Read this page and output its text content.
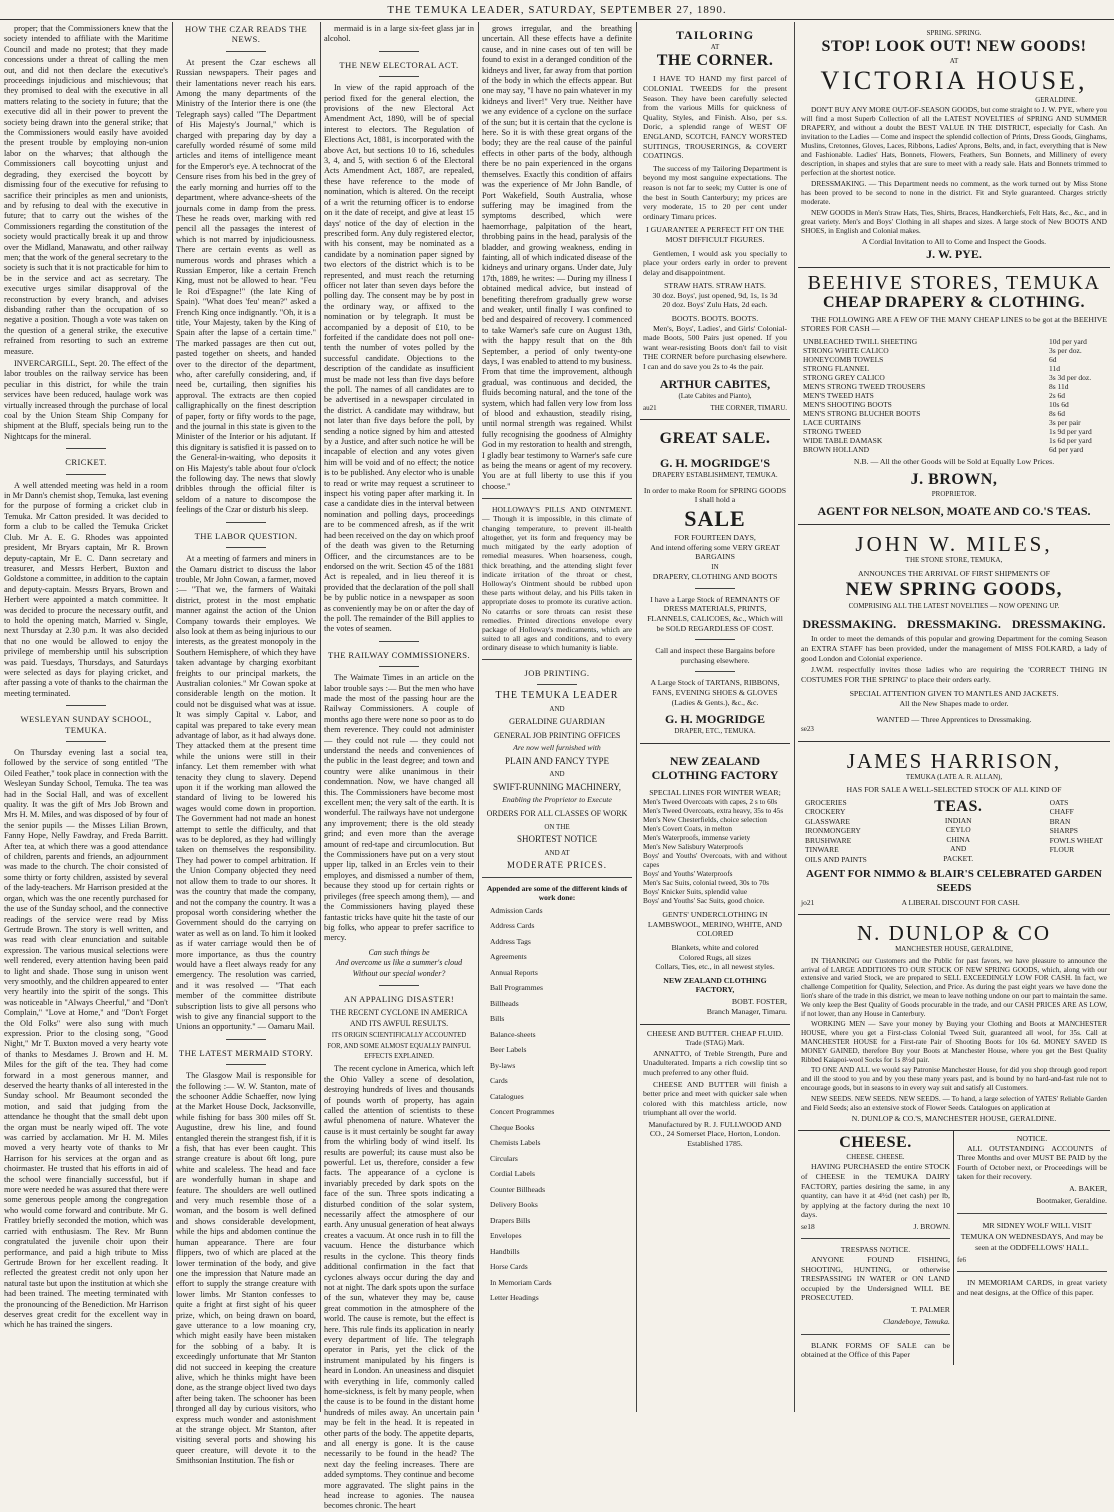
THE TEMUKA LEADER, SATURDAY, SEPTEMBER 27, 1890.

proper; that the Commissioners knew that the society intended to affiliate with the Maritime Council and made no protest; that they made concessions under a threat of calling the men out, and did not then declare the executive's proceedings injudicious and mischievous; that they promised to deal with the executive in all matters relating to the society in future; that the executive did all in their power to prevent the society being drawn into the general strike; that the Commissioners would easily have avoided the present trouble by employing non-union labor on the wharves; that although the Commissioners call boycotting unjust and degrading, they exercised the boycott by dismissing four of the executive for refusing to sacrifice their principles as men and unionists, and by refusing to deal with the executive in future; that to carry out the wishes of the Commissioners regarding the constitution of the society would practically break it up and throw over the Midland, Manawatu, and other railway men; that the work of the general secretary to the society is such that it is not practicable for him to be in the service and act as secretary. The executive urges similar disapproval of the reconstruction by every branch, and advises disbanding rather than the occupation of so negative a position. Though a vote was taken on the question of a general strike, the executive refrained from resorting to such an extreme measure.

INVERCARGILL, Sept. 20. The effect of the labor troubles on the railway service has been peculiar in this district, for while the train services have been reduced, haulage work was virtually increased through the purchase of local coal by the Union Steam Ship Company for shipment at the Bluff, specials being run to the Nightcaps for the mineral.

CRICKET.

A well attended meeting was held in a room in Mr Dann's chemist shop, Temuka, last evening for the purpose of forming a cricket club in Temuka. Mr Catton presided. It was decided to form a club to be called the Temuka Cricket Club. Mr A. E. G. Rhodes was appointed president, Mr Bryars captain, Mr R. Brown deputy-captain, Mr E. C. Dann secretary and treasurer, and Messrs Herbert, Buxton and Goldstone a committee, in addition to the captain and deputy-captain. Messrs Bryars, Brown and Herbert were appointed a match committee. It was decided to procure the necessary outfit, and to hold the opening match, Married v. Single, next Thursday at 2.30 p.m. It was also decided that no one would be allowed to enjoy the privilege of membership until his subscription was paid. Tuesdays, Thursdays, and Saturdays were selected as days for playing cricket, and after passing a vote of thanks to the chairman the meeting terminated.

WESLEYAN SUNDAY SCHOOL, TEMUKA.

On Thursday evening last a social tea, followed by the service of song entitled "The Oiled Feather," took place in connection with the Wesleyan Sunday School, Temuka. The tea was had in the Social Hall, and was of excellent quality. It was the gift of Mrs Job Brown and Mrs H. M. Miles, and was disposed of by four of the senior pupils — the Misses Lilian Brown, Fanny Hope, Nelly Fawdray, and Freda Barritt. After tea, at which there was a good attendance of children, parents and friends, an adjournment was made to the church. The choir consisted of some thirty or forty children, assisted by several of the lady-teachers. Mr Harrison presided at the organ, which was the one recently purchased for the use of the Sunday school, and the connective readings of the service were read by Miss Gertrude Brown. The story is well written, and was read with clear enunciation and suitable expression. The various musical selections were well rendered, every attention having been paid to light and shade. Those sung in unison went very smoothly, and the children appeared to enter very heartily into the spirit of the songs. This was noticeable in "Always Cheerful," and "Don't Complain," "Love at Home," and "Don't Forget the Old Folks" were also sung with much expression. Prior to the closing song, "Good Night," Mr T. Buxton moved a very hearty vote of thanks to Mesdames J. Brown and H. M. Miles for the gift of the tea. They had come forward in a most generous manner, and deserved the hearty thanks of all interested in the Sunday school. Mr Beaumont seconded the motion, and said that judging from the attendance he thought that the small debt upon the organ must be nearly wiped off. The vote was carried by acclamation. Mr H. M. Miles moved a very hearty vote of thanks to Mr Harrison for his services at the organ and as choirmaster. He trusted that his efforts in aid of the school were financially successful, but if more were needed he was assured that there were some generous people among the congregation who would come forward and contribute. Mr G. Frattley briefly seconded the motion, which was carried with enthusiasm. The Rev. Mr Bunn congratulated the juvenile choir upon their performance, and paid a high tribute to Miss Gertrude Brown for her excellent reading. It reflected the greatest credit not only upon her natural taste but upon the institution at which she had been trained. The meeting terminated with the pronouncing of the Benediction. Mr Harrison deserves great credit for the excellent way in which he has trained the singers.

HOW THE CZAR READS THE NEWS.

At present the Czar eschews all Russian newspapers. Their pages and their lamentations never reach his ears. Among the many departments of the Ministry of the Interior there is one (the Telegraph says) called "The Department of His Majesty's Journal," which is charged with preparing day by day a carefully worded résumé of some mild articles and items of intelligence meant for the Emperor's eye. A technocrat of the Censure rises from his bed in the grey of the early morning and hurries off to the department, where advance-sheets of the journals come in damp from the press. These he reads over, marking with red pencil all the passages the interest of which is not marred by injudiciousness. There are certain events as well as numerous words and phrases which a Russian Emperor, like a certain French King, must not be allowed to hear. "Feu le Roi d'Espagne!" (the late King of Spain). "What does 'feu' mean?" asked a French King once indignantly. "Oh, it is a title, Your Majesty, taken by the King of Spain after the lapse of a certain time." The marked passages are then cut out, pasted together on sheets, and handed over to the director of the department, who, after carefully considering, and, if need be, curtailing, then signifies his approval. The extracts are then copied calligraphically on the finest description of paper, forty or fifty words to the page, and the journal in this state is given to the Minister of the Interior or his adjutant. If this dignitary is satisfied it is passed on to the General-in-waiting, who deposits it on His Majesty's table about four o'clock the following day. The news that slowly dribbles through the official filter is seldom of a nature to discompose the feelings of the Czar or disturb his sleep.

THE LABOR QUESTION.

At a meeting of farmers and miners in the Oamaru district to discuss the labor trouble, Mr John Cowan, a farmer, moved :— "That we, the farmers of Waitaki district, protest in the most emphatic manner against the action of the Union Company towards their employes. We also look at them as being injurious to our interests, as the greatest monopoly in the Southern Hemisphere, of which they have taken advantage by charging exorbitant freights to our principal markets, the Australian colonies." Mr Cowan spoke at considerable length on the motion. It could not be disguised what was at issue. It was simply Capital v. Labor, and capital was prepared to take every mean advantage of labor, as it had always done. They attacked them at the present time while the unions were still in their infancy. Let them remember with what tenacity they clung to slavery. Depend upon it if the working man allowed the standard of living to be lowered his wages would come down in proportion. The Government had not made an honest attempt to settle the difficulty, and that was to be deplored, as they had willingly taken on themselves the responsibility. They had power to compel arbitration. If the Union Company objected they need not allow them to trade to our shores. It was the country that made the company, and not the company the country. It was a proposal worth considering whether the Government should do the carrying on water as well as on land. To him it looked as if water carriage would then be of more importance, as thus the country would have a fleet always ready for any emergency. The resolution was carried, and it was resolved — "That each member of the committee distribute subscription lists to give all persons who wish to give any financial support to the Unions an opportunity." — Oamaru Mail.

THE LATEST MERMAID STORY.

The Glasgow Mail is responsible for the following :— W. W. Stanton, mate of the schooner Addie Schaeffer, now lying at the Market House Dock, Jacksonville, while fishing for bass 300 miles off St. Augustine, drew his line, and found entangled therein the strangest fish, if it is a fish, that has ever been caught. This strange creature is about 6ft long, pure white and scaleless. The head and face are wonderfully human in shape and feature. The shoulders are well outlined and very much resemble those of a woman, and the bosom is well defined and shows considerable development, while the hips and abdomen continue the human appearance. There are four flippers, two of which are placed at the lower termination of the body, and give one the impression that Nature made an effort to supply the strange creature with lower limbs. Mr Stanton confesses to quite a fright at first sight of his queer prize, which, on being drawn on board, gave utterance to a low moaning cry, which might easily have been mistaken for the sobbing of a baby. It is exceedingly unfortunate that Mr Stanton did not succeed in keeping the creature alive, which he thinks might have been done, as the strange object lived two days after being taken. The schooner has been thronged all day by curious visitors, who express much wonder and astonishment at the strange object. Mr Stanton, after visiting several ports and showing his queer creature, will devote it to the Smithsonian Institution. The fish or

mermaid is in a large six-feet glass jar in alcohol.

THE NEW ELECTORAL ACT.

In view of the rapid approach of the period fixed for the general election, the provisions of the new Electoral Act Amendment Act, 1890, will be of special interest to electors. The Regulation of Elections Act, 1881, is incorporated with the above Act, but sections 10 to 16, schedules 3, 4, and 5, with section 6 of the Electoral Acts Amendment Act, 1887, are repealed, these have reference to the mode of nomination, which is altered. On the receipt of a writ the returning officer is to endorse on it the date of receipt, and give at least 15 days' notice of the day of election in the prescribed form. Any duly registered elector, with his consent, may be nominated as a candidate by a nomination paper signed by two electors of the district which is to be represented, and must reach the returning officer not later than seven days before the polling day. The consent may be by post in the ordinary way, or affixed to the nomination or by telegraph. It must be accompanied by a deposit of £10, to be forfeited if the candidate does not poll one-tenth the number of votes polled by the successful candidate. Objections to the description of the candidate as insufficient must be made not less than five days before the poll. The names of all candidates are to be advertised in a newspaper circulated in the district. A candidate may withdraw, but not later than five days before the poll, by sending a notice signed by him and attested by a Justice, and after such notice he will be incapable of election and any votes given him will be void and of no effect; the notice is to be published. Any elector who is unable to read or write may request a scrutineer to inspect his voting paper after marking it. In case a candidate dies in the interval between nomination and polling days, proceedings are to be commenced afresh, as if the writ had been received on the day on which proof of the death was given to the Returning Officer, and the circumstances are to be endorsed on the writ. Section 45 of the 1881 Act is repealed, and in lieu thereof it is provided that the declaration of the poll shall be by public notice in a newspaper as soon as conveniently may be on or after the day of the poll. The remainder of the Bill applies to the votes of seamen.

THE RAILWAY COMMISSIONERS.

The Waimate Times in an article on the labor trouble says :— But the men who have made the most of the passing hour are the Railway Commissioners. A couple of months ago there were none so poor as to do them reverence. They could not administer — they could not rule — they could not understand the needs and conveniences of the public in the least degree; and town and country were alike unanimous in their condemnation. Now, we have changed all this. The Commissioners have become most excellent men; the very salt of the earth. It is wonderful. The railways have not undergone any improvement; there is the old steady grind; and even more than the average amount of red-tape and circumlocution. But the Commissioners have put on a very stout upper lip, talked in an Ercles vein to their employes, and dismissed a number of them, because they stood up for certain rights or privileges (free speech among them), — and the Commissioners having played these fantastic tricks have quite hit the taste of our big folks, who appear to prefer sacrifice to mercy.

Can such things be
And overcome us like a summer's cloud
Without our special wonder?
AN APPALING DISASTER!
THE RECENT CYCLONE IN AMERICA AND ITS AWFUL RESULTS.
ITS ORIGIN SCIENTIFICALLY ACCOUNTED FOR, AND SOME ALMOST EQUALLY PAINFUL EFFECTS EXPLAINED.

The recent cyclone in America, which left the Ohio Valley a scene of desolation, destroying hundreds of lives and thousands of pounds worth of property, has again called the attention of scientists to these awful phenomena of nature. Whatever the cause is it must certainly be sought far away from the whirling body of wind itself. Its results are powerful; its cause must also be powerful. Let us, therefore, consider a few facts. The appearance of a cyclone is invariably preceded by dark spots on the face of the sun. Three spots indicating a disturbed condition of the solar system, necessarily affect the atmosphere of our earth. Any unusual generation of heat always creates a vacuum. At once rush in to fill the vacuum. Hence the disturbance which results in the cyclone. This theory finds additional confirmation in the fact that cyclones always occur during the day and not at night. The dark spots upon the surface of the sun, whatever they may be, cause great commotion in the atmosphere of the world. The cause is remote, but the effect is here. This rule finds its application in nearly every department of life. The telegraph operator in Paris, yet the click of the instrument manipulated by his fingers is heard in London. An uneasiness and disquiet with everything in life, commonly called home-sickness, is felt by many people, when the cause is to be found in the distant home hundreds of miles away. An uncertain pain may be felt in the head. It is repeated in other parts of the body. The appetite departs, and all energy is gone. It is the cause necessarily to be found in the head? The next day the feeling increases. There are added symptoms. They continue and become more aggravated. The slight pains in the head increase to agonies. The nausea becomes chronic. The heart

grows irregular, and the breathing uncertain. All these effects have a definite cause, and in nine cases out of ten will be found to exist in a deranged condition of the kidneys and liver, far away from that portion of the body in which the effects appear. But one may say, "I have no pain whatever in my kidneys and liver!" Very true. Neither have we any evidence of a cyclone on the surface of the sun; but it is certain that the cyclone is here. So it is with these great organs of the body; they are the real cause of the painful effects in other parts of the body, although there be no pain experienced in the organs themselves. Exactly this condition of affairs was the experience of Mr John Bandle, of Port Wakefield, South Australia, whose suffering may be imagined from the symptoms described, which were haemorrhage, palpitation of the heart, throbbing pains in the head, paralysis of the bladder, and growing weakness, ending in fainting, all of which indicated disease of the kidneys and urinary organs. Under date, July 17th, 1889, he writes: — During my illness I obtained medical advice, but instead of benefiting therefrom gradually grew worse and weaker, until finally I was confined to bed and despaired of recovery. I commenced to take Warner's safe cure on August 13th, with the happy result that on the 8th September, a period of only twenty-one days, I was enabled to attend to my business. From that time the improvement, although gradual, was continuous and decided, the fluids becoming natural, and the tone of the system, which had fallen very low from loss of blood and exhaustion, steadily rising, until normal strength was regained. Whilst fully recognising the goodness of Almighty God in my restoration to health and strength, I gladly bear testimony to Warner's safe cure as being the means or agent of my recovery. You are at full liberty to use this if you choose."

HOLLOWAY'S PILLS AND OINTMENT. — Though it is impossible, in this climate of changing temperature, to prevent ill-health altogether, yet its form and frequency may be much mitigated by the early adoption of remedial measures. When hoarseness, cough, thick breathing, and the attending slight fever indicate irritation of the throat or chest, Holloway's Ointment should be rubbed upon these parts without delay, and his Pills taken in appropriate doses to promote its curative action. No catarrhs or sore throats can resist these remedies. Printed directions envelope every package of Holloway's medicaments, which are suited to all ages and conditions, and to every ordinary disease to which humanity is liable.

JOB PRINTING.
THE TEMUKA LEADER
AND
GERALDINE GUARDIAN
GENERAL JOB PRINTING OFFICES
Are now well furnished with
PLAIN AND FANCY TYPE
AND
SWIFT-RUNNING MACHINERY,
Enabling the Proprietor to Execute
ORDERS FOR ALL CLASSES OF WORK
ON THE
SHORTEST NOTICE
AND AT
MODERATE PRICES.
Appended are some of the different kinds of work done:
Admission Cards
Address Cards
Address Tags
Agreements
Annual Reports
Ball Programmes
Billheads
Bills
Balance-sheets
Beer Labels
By-laws
Cards
Catalogues
Concert Programmes
Cheque Books
Chemists Labels
Circulars
Cordial Labels
Counter Billheads
Delivery Books
Drapers Bills
Envelopes
Handbills
Horse Cards
In Memoriam Cards
Letter Headings
TAILORING
AT
THE CORNER.

I HAVE TO HAND my first parcel of COLONIAL TWEEDS for the present Season. They have been carefully selected from the various Mills for quickness of Quality, Styles, and Finish. Also, per s.s. Doric, a splendid range of WEST OF ENGLAND, SCOTCH, FANCY WORSTED SUITINGS, TROUSERINGS, & COVERT COATINGS.

The success of my Tailoring Department is beyond my most sanguine expectations. The reason is not far to seek; my Cutter is one of the best in South Canterbury; my prices are very moderate, 15 to 20 per cent under ordinary Timaru prices.

I GUARANTEE A PERFECT FIT ON THE MOST DIFFICULT FIGURES.

Gentlemen, I would ask you specially to place your orders early in order to prevent delay and disappointment.

STRAW HATS. STRAW HATS.
30 doz. Boys', just opened, 9d, 1s, 1s 3d
20 doz. Boys' Zulu Hats, 2d each.
BOOTS. BOOTS. BOOTS.

Men's, Boys', Ladies', and Girls' Colonial-made Boots, 500 Pairs just opened. If you want wear-resisting Boots don't fail to visit THE CORNER before purchasing elsewhere. I can and do save you 2s to 4s the pair.

ARTHUR CABITES,
(Late Cabites and Pianto),
au21	THE CORNER, TIMARU.
GREAT SALE.
G. H. MOGRIDGE'S
DRAPERY ESTABLISHMENT, TEMUKA.
In order to make Room for SPRING GOODS I shall hold a
SALE
FOR FOURTEEN DAYS,
And intend offering some VERY GREAT BARGAINS
IN
DRAPERY, CLOTHING AND BOOTS
I have a Large Stock of REMNANTS OF DRESS MATERIALS, PRINTS, FLANNELS, CALICOES, &c., Which will be SOLD REGARDLESS OF COST.
Call and inspect these Bargains before purchasing elsewhere.
A Large Stock of TARTANS, RIBBONS, FANS, EVENING SHOES & GLOVES (Ladies & Gents.), &c., &c.
G. H. MOGRIDGE
DRAPER, ETC., TEMUKA.
NEW ZEALAND CLOTHING FACTORY
SPECIAL LINES FOR WINTER WEAR;
Men's Tweed Overcoats with capes, 2 s to 60s
Men's Tweed Overcoats, extra heavy, 35s to 45s
Men's New Chesterfields, choice selection
Men's Covert Coats, in melton
Men's Waterproofs, immense variety
Men's New Salisbury Waterproofs
Boys' and Youths' Overcoats, with and without capes
Boys' and Youths' Waterproofs
Men's Sac Suits, colonial tweed, 30s to 70s
Boys' Knicker Suits, splendid value
Boys' and Youths' Sac Suits, good choice.
GENTS' UNDERCLOTHING IN LAMBSWOOL, MERINO, WHITE, AND COLORED
Blankets, white and colored
Colored Rugs, all sizes
Collars, Ties, etc., in all newest styles.
NEW ZEALAND CLOTHING FACTORY,
BOBT. FOSTER,
Branch Manager, Timaru.
CHEESE AND BUTTER. CHEAP FLUID.
Trade (STAG) Mark.

ANNATTO, of Treble Strength, Pure and Unadulterated. Imparts a rich cowslip tint so much preferred to any other fluid.

CHEESE AND BUTTER will finish a better price and meet with quicker sale when colored with this matchless article, now triumphant all over the world.

Manufactured by R. J. FULLWOOD AND CO., 24 Somerset Place, Horton, London. Established 1785.
SPRING. SPRING.
STOP! LOOK OUT! NEW GOODS!
AT
VICTORIA HOUSE,
GERALDINE.

DON'T BUY ANY MORE OUT-OF-SEASON GOODS, but come straight to J. W. PYE, where you will find a most Superb Collection of all the LATEST NOVELTIES of SPRING AND SUMMER DRAPERY, and without a doubt the BEST VALUE IN THE DISTRICT, especially for Cash. An invitation to the Ladies — Come and inspect the splendid collection of Prints, Dress Goods, Ginghams, Muslins, Cretonnes, Gloves, Laces, Ribbons, Ladies' Aprons, Belts, and, in fact, everything that is New and Fashionable. Ladies' Hats, Bonnets, Flowers, Feathers, Sun Bonnets, and Millinery of every description, in shapes and styles that are sure to meet with a ready sale. Hats and Bonnets trimmed to perfection at the shortest notice.

DRESSMAKING. — This Department needs no comment, as the work turned out by Miss Stone has been proved to be second to none in the district. Fit and Style guaranteed. Charges strictly moderate.

NEW GOODS in Men's Straw Hats, Ties, Shirts, Braces, Handkerchiefs, Felt Hats, &c., &c., and in great variety. Men's and Boys' Clothing in all shapes and sizes. A large stock of New BOOTS AND SHOES, in English and Colonial makes.

A Cordial Invitation to All to Come and Inspect the Goods.
J. W. PYE.
BEEHIVE STORES, TEMUKA
CHEAP DRAPERY & CLOTHING.

THE FOLLOWING ARE A FEW OF THE MANY CHEAP LINES to be got at the BEEHIVE STORES FOR CASH —

UNBLEACHED TWILL SHEETING	10d per yard
STRONG WHITE CALICO	3s per doz.
HONEYCOMB TOWELS	6d
STRONG FLANNEL	11d
STRONG GREY CALICO	3s 3d per doz.
MEN'S STRONG TWEED TROUSERS	8s 11d
MEN'S TWEED HATS	2s 6d
MEN'S SHOOTING BOOTS	10s 6d
MEN'S STRONG BLUCHER BOOTS	8s 6d
LACE CURTAINS	3s per pair
STRONG TWEED	1s 9d per yard
WIDE TABLE DAMASK	1s 6d per yard
BROWN HOLLAND	6d per yard
N.B. — All the other Goods will be Sold at Equally Low Prices.
J. BROWN,
PROPRIETOR.
AGENT FOR NELSON, MOATE AND CO.'S TEAS.
JOHN W. MILES,
THE STONE STORE, TEMUKA,
ANNOUNCES THE ARRIVAL OF FIRST SHIPMENTS OF
NEW SPRING GOODS,
COMPRISING ALL THE LATEST NOVELTIES — NOW OPENING UP.
DRESSMAKING. DRESSMAKING. DRESSMAKING.

In order to meet the demands of this popular and growing Department for the coming Season an EXTRA STAFF has been provided, under the management of MISS FOLKARD, a lady of good London and Colonial experience.

J.W.M. respectfully invites those ladies who are requiring the 'CORRECT THING IN COSTUMES FOR THE SPRING' to place their orders early.

SPECIAL ATTENTION GIVEN TO MANTLES AND JACKETS.
All the New Shapes made to order.
WANTED — Three Apprentices to Dressmaking.
se23
JAMES HARRISON,
TEMUKA (LATE A. R. ALLAN),
HAS FOR SALE A WELL-SELECTED STOCK OF ALL KIND OF
GROCERIES
CROCKERY
GLASSWARE
IRONMONGERY
BRUSHWARE
TINWARE
OILS AND PAINTS
TEAS.
INDIAN
CEYLO
CHINA
AND
PACKET.
OATS
CHAFF
BRAN
SHARPS
FOWLS WHEAT
FLOUR
AGENT FOR NIMMO & BLAIR'S CELEBRATED GARDEN SEEDS
jo21	A LIBERAL DISCOUNT FOR CASH.
N. DUNLOP & CO
MANCHESTER HOUSE, GERALDINE,

IN THANKING our Customers and the Public for past favors, we have pleasure to announce the arrival of LARGE ADDITIONS TO OUR STOCK OF NEW SPRING GOODS, which, along with our extensive and varied Stock, we are prepared to SELL EXCEEDINGLY LOW FOR CASH. In fact, we challenge Competition for Quality, Selection, and Price. As during the past eight years we have done the lion's share of the trade in this district, we mean to leave nothing undone on our part to maintain the same. We only keep the Best Quality of Goods procurable in the trade, and our CASH PRICES ARE AS LOW, if not lower, than any House in Canterbury.

WORKING MEN — Save your money by Buying your Clothing and Boots at MANCHESTER HOUSE, where you get a First-class Colonial Tweed Suit, guaranteed all wool, for 35s. Call at MANCHESTER HOUSE for a First-rate Pair of Shooting Boots for 10s 6d. MONEY SAVED IS MONEY GAINED, therefore Buy your Boots at Manchester House, where you get the Best Quality Ribbed Kaiapoi-wool Socks for 1s 8½d pair.

TO ONE AND ALL we would say Patronise Manchester House, for did you shop through good report and ill the stood to you and by you these many years past, and is bound by no hard-and-fast rule not to encourage goods, but in seasons to in every way suit and satisfy all Customers.

NEW SEEDS. NEW SEEDS. NEW SEEDS. — To hand, a large selection of YATES' Reliable Garden and Field Seeds; also an extensive stock of Flower Seeds. Catalogues on application at

N. DUNLOP & CO.'S, MANCHESTER HOUSE, GERALDINE.
CHEESE.
CHEESE. CHEESE.

HAVING PURCHASED the entire STOCK of CHEESE in the TEMUKA DAIRY FACTORY, parties desiring the same, in any quantity, can have it at 4½d (net cash) per lb, by applying at the factory during the next 10 days.

se18	J. BROWN.
TRESPASS NOTICE.

ANYONE FOUND FISHING, SHOOTING, HUNTING, or otherwise TRESPASSING IN WATER or ON LAND occupied by the Undersigned WILL BE PROSECUTED.

T. PALMER
Clandeboye, Temuka.

BLANK FORMS OF SALE can be obtained at the Office of this Paper

NOTICE.

ALL OUTSTANDING ACCOUNTS of Three Months and over MUST BE PAID by the Fourth of October next, or Proceedings will be taken for their recovery.

A. BAKER,
Bootmaker, Geraldine.

MR SIDNEY WOLF WILL VISIT TEMUKA ON WEDNESDAYS, And may be seen at the ODDFELLOWS' HALL.

fe6

IN MEMORIAM CARDS, in great variety and neat designs, at the Office of this paper.
